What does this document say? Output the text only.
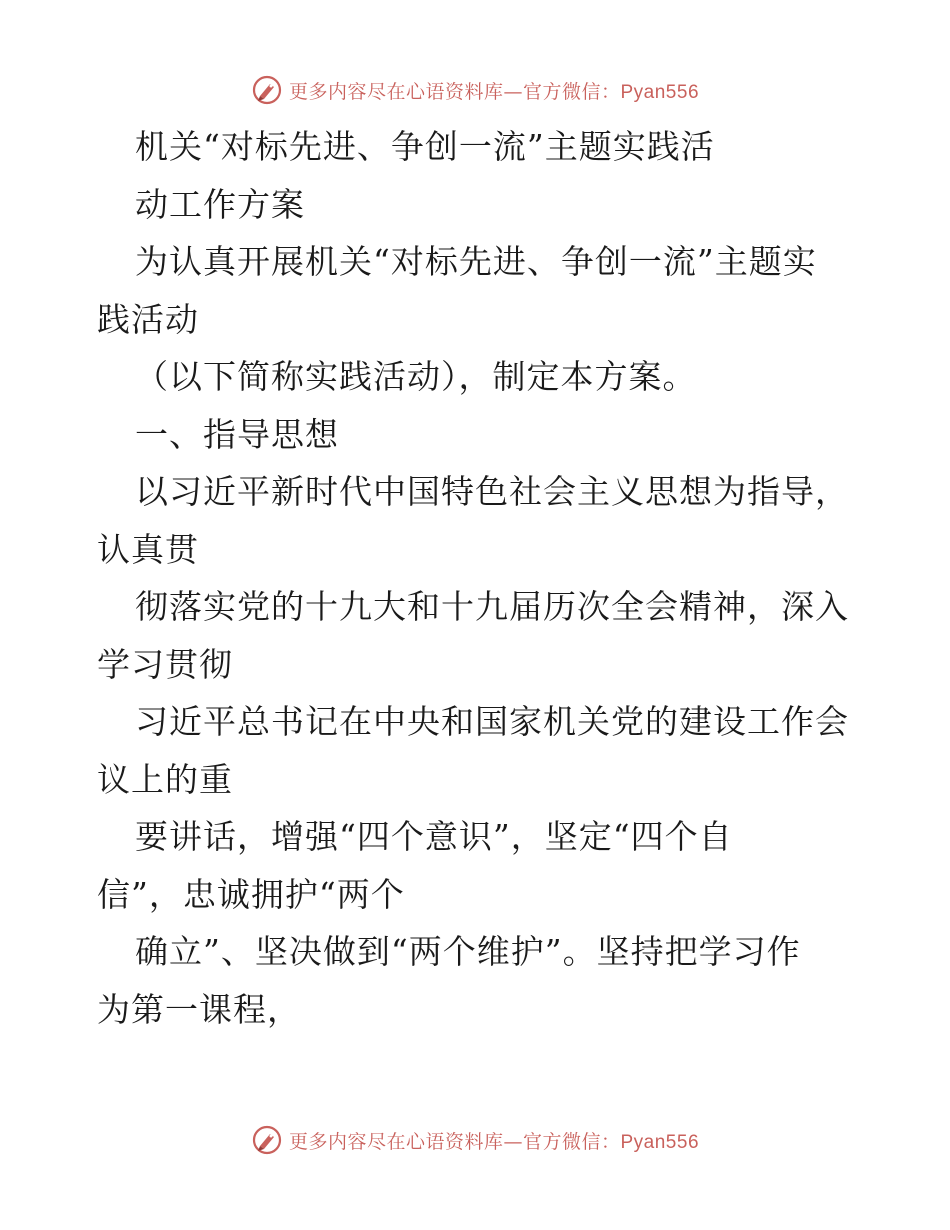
更多内容尽在心语资料库—官方微信：Pyan556
机关“对标先进、争创一流”主题实践活
动工作方案
为认真开展机关“对标先进、争创一流”主题实
践活动
（以下简称实践活动），制定本方案。
一、指导思想
以习近平新时代中国特色社会主义思想为指导，
认真贯
彻落实党的十九大和十九届历次全会精神，深入
学习贯彻
习近平总书记在中央和国家机关党的建设工作会
议上的重
要讲话，增强“四个意识”，坚定“四个自
信”，忠诚拥护“两个
确立”、坚决做到“两个维护”。坚持把学习作
为第一课程，
更多内容尽在心语资料库—官方微信：Pyan556
